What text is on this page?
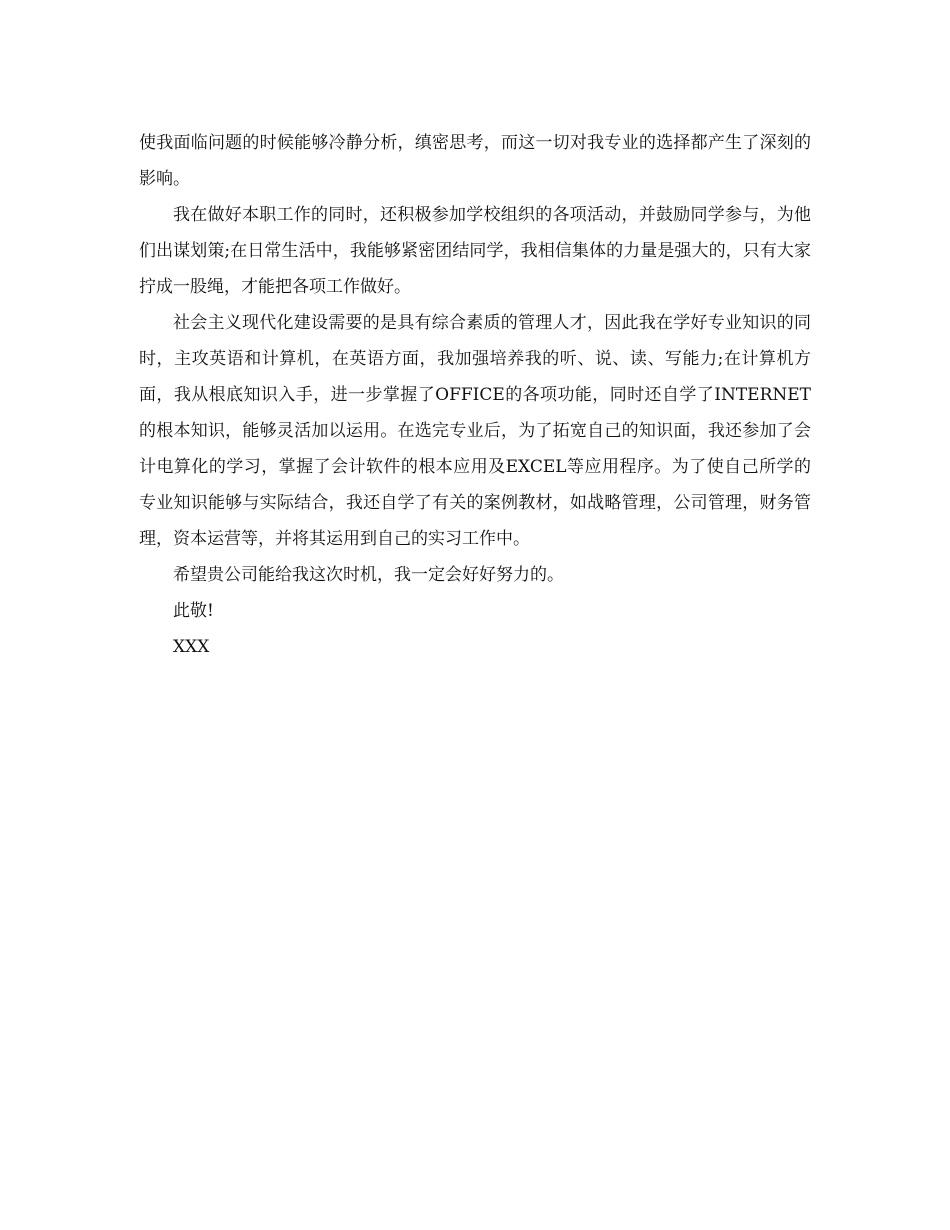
使我面临问题的时候能够冷静分析，缜密思考，而这一切对我专业的选择都产生了深刻的影响。

我在做好本职工作的同时，还积极参加学校组织的各项活动，并鼓励同学参与，为他们出谋划策;在日常生活中，我能够紧密团结同学，我相信集体的力量是强大的，只有大家拧成一股绳，才能把各项工作做好。

社会主义现代化建设需要的是具有综合素质的管理人才，因此我在学好专业知识的同时，主攻英语和计算机，在英语方面，我加强培养我的听、说、读、写能力;在计算机方面，我从根底知识入手，进一步掌握了OFFICE的各项功能，同时还自学了INTERNET的根本知识，能够灵活加以运用。在选完专业后，为了拓宽自己的知识面，我还参加了会计电算化的学习，掌握了会计软件的根本应用及EXCEL等应用程序。为了使自己所学的专业知识能够与实际结合，我还自学了有关的案例教材，如战略管理，公司管理，财务管理，资本运营等，并将其运用到自己的实习工作中。

希望贵公司能给我这次时机，我一定会好好努力的。

此敬!

XXX
